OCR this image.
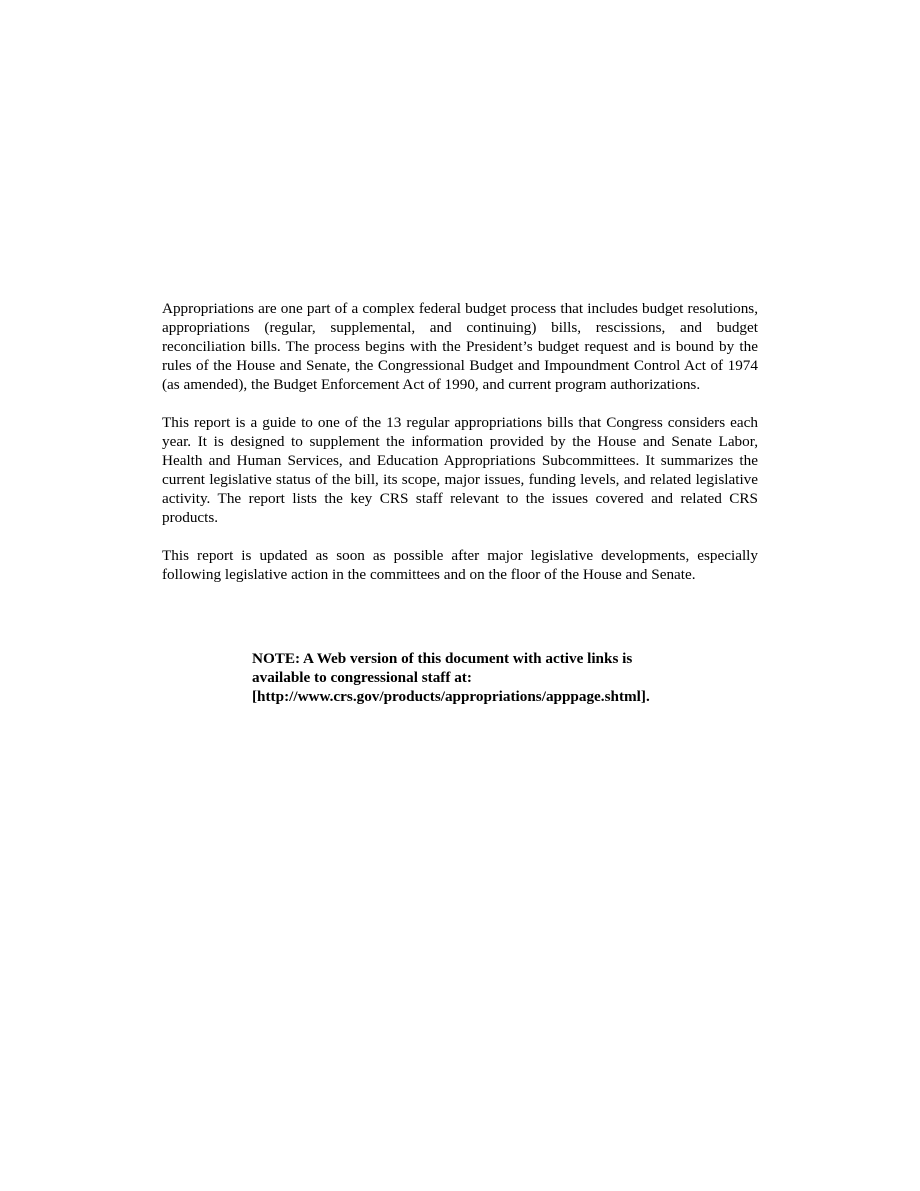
Appropriations are one part of a complex federal budget process that includes budget resolutions, appropriations (regular, supplemental, and continuing) bills, rescissions, and budget reconciliation bills. The process begins with the President’s budget request and is bound by the rules of the House and Senate, the Congressional Budget and Impoundment Control Act of 1974 (as amended), the Budget Enforcement Act of 1990, and current program authorizations.

This report is a guide to one of the 13 regular appropriations bills that Congress considers each year. It is designed to supplement the information provided by the House and Senate Labor, Health and Human Services, and Education Appropriations Subcommittees. It summarizes the current legislative status of the bill, its scope, major issues, funding levels, and related legislative activity. The report lists the key CRS staff relevant to the issues covered and related CRS products.

This report is updated as soon as possible after major legislative developments, especially following legislative action in the committees and on the floor of the House and Senate.

NOTE: A Web version of this document with active links is
available to congressional staff at:
[http://www.crs.gov/products/appropriations/apppage.shtml].
